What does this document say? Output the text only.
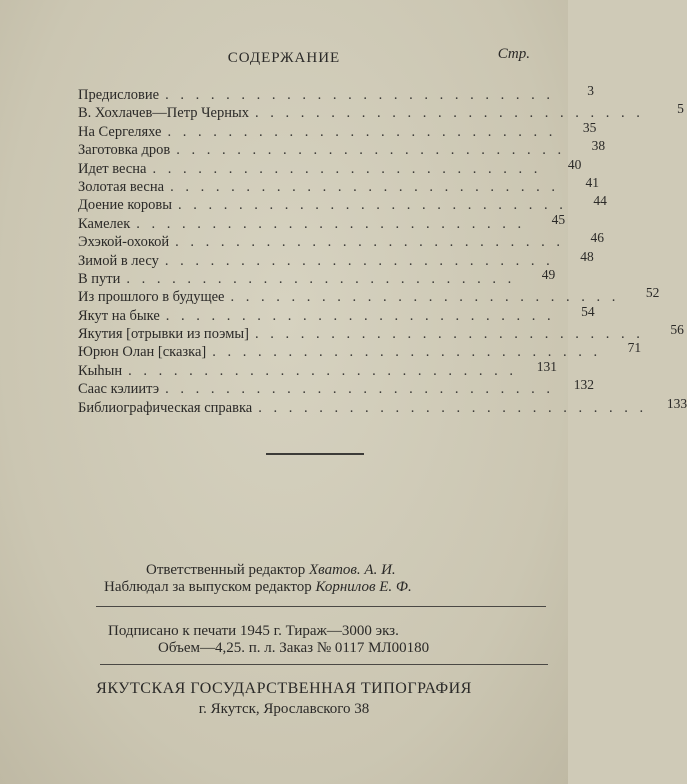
СОДЕРЖАНИЕ	Стр.
Предисловие . . . . . . . . . . . . . . . . . . . . . . . . . .	3
В. Хохлачев—Петр Черных . . . . . . . . . . . . . . . . . . . . . . . . . .	5
На Сергеляхе . . . . . . . . . . . . . . . . . . . . . . . . . .	35
Заготовка дров . . . . . . . . . . . . . . . . . . . . . . . . . .	38
Идет весна . . . . . . . . . . . . . . . . . . . . . . . . . .	40
Золотая весна . . . . . . . . . . . . . . . . . . . . . . . . . .	41
Доение коровы . . . . . . . . . . . . . . . . . . . . . . . . . .	44
Камелек . . . . . . . . . . . . . . . . . . . . . . . . . .	45
Эхэкой-охокой . . . . . . . . . . . . . . . . . . . . . . . . . .	46
Зимой в лесу . . . . . . . . . . . . . . . . . . . . . . . . . .	48
В пути . . . . . . . . . . . . . . . . . . . . . . . . . .	49
Из прошлого в будущее . . . . . . . . . . . . . . . . . . . . . . . . . .	52
Якут на быке . . . . . . . . . . . . . . . . . . . . . . . . . .	54
Якутия [отрывки из поэмы] . . . . . . . . . . . . . . . . . . . . . . . . . .	56
Юрюн Олан [сказка] . . . . . . . . . . . . . . . . . . . . . . . . . .	71
Кыһын . . . . . . . . . . . . . . . . . . . . . . . . . .	131
Саас кэлиитэ . . . . . . . . . . . . . . . . . . . . . . . . . .	132
Библиографическая справка . . . . . . . . . . . . . . . . . . . . . . . . . .	133
Ответственный редактор Хватов. А. И.
Наблюдал за выпуском редактор Корнилов Е. Ф.
Подписано к печати 1945 г. Тираж—3000 экз.
Объем—4,25. п. л. Заказ № 0117 МЛ00180
ЯКУТСКАЯ ГОСУДАРСТВЕННАЯ ТИПОГРАФИЯ
г. Якутск, Ярославского 38
